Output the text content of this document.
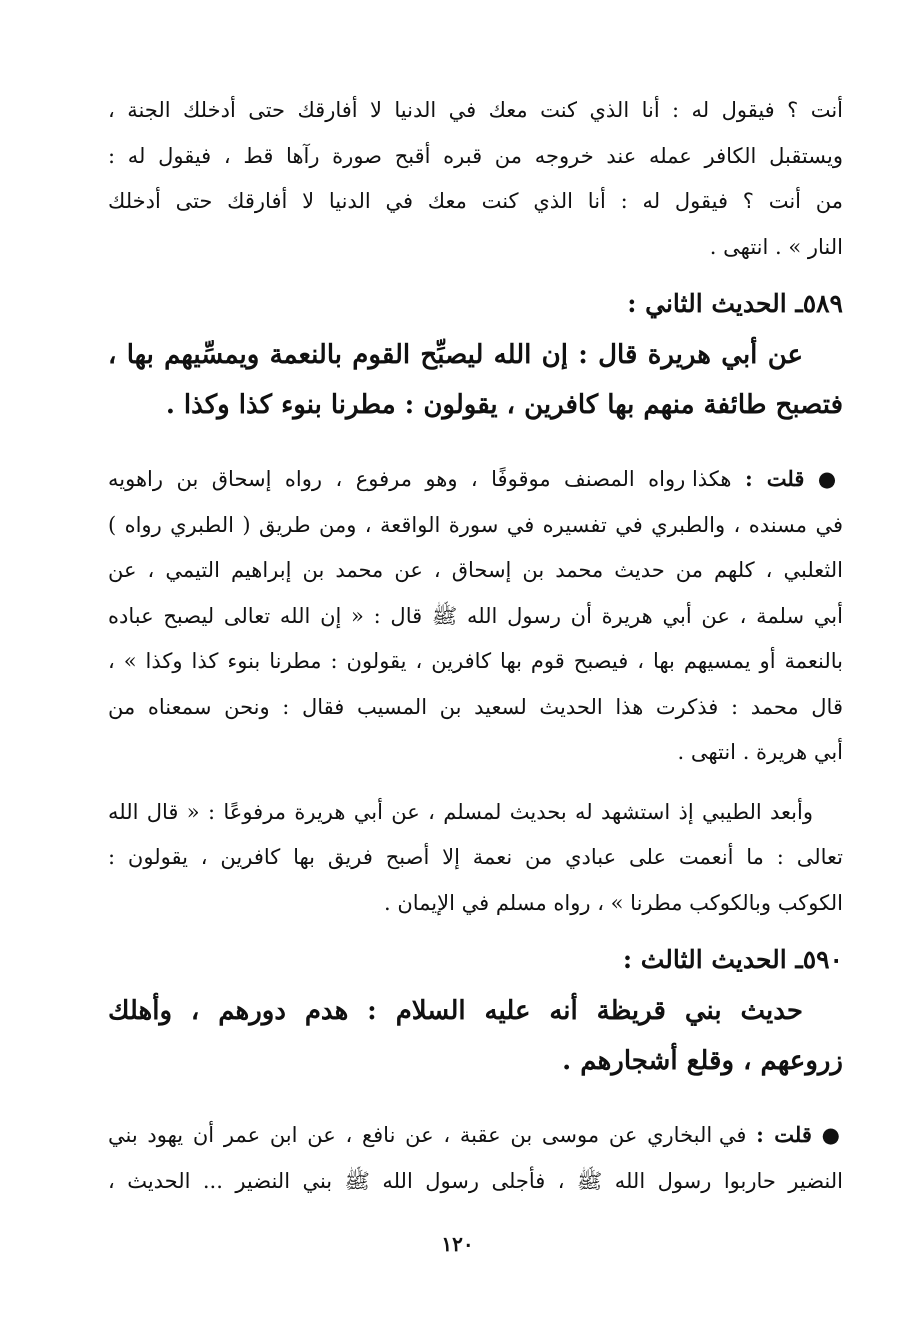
أنت ؟ فيقول له : أنا الذي كنت معك في الدنيا لا أفارقك حتى أدخلك الجنة ،
ويستقبل الكافر عمله عند خروجه من قبره أقبح صورة رآها قط ، فيقول له :
من أنت ؟ فيقول له : أنا الذي كنت معك في الدنيا لا أفارقك حتى أدخلك
النار » . انتهى .

٥٨٩ـ الحديث الثاني :
عن أبي هريرة قال : إن الله ليصبِّح القوم بالنعمة ويمسِّيهم بها ،
فتصبح طائفة منهم بها كافرين ، يقولون : مطرنا بنوء كذا وكذا .

● قلت : هكذا رواه المصنف موقوفًا ، وهو مرفوع ، رواه إسحاق بن راهويه
في مسنده ، والطبري في تفسيره في سورة الواقعة ، ومن طريق ( الطبري رواه )
الثعلبي ، كلهم من حديث محمد بن إسحاق ، عن محمد بن إبراهيم التيمي ، عن
أبي سلمة ، عن أبي هريرة أن رسول الله ﷺ قال : « إن الله تعالى ليصبح عباده
بالنعمة أو يمسيهم بها ، فيصبح قوم بها كافرين ، يقولون : مطرنا بنوء كذا وكذا » ،
قال محمد : فذكرت هذا الحديث لسعيد بن المسيب فقال : ونحن سمعناه من
أبي هريرة . انتهى .

وأبعد الطيبي إذ استشهد له بحديث لمسلم ، عن أبي هريرة مرفوعًا : « قال الله
تعالى : ما أنعمت على عبادي من نعمة إلا أصبح فريق بها كافرين ، يقولون :
الكوكب وبالكوكب مطرنا » ، رواه مسلم في الإيمان .

٥٩٠ـ الحديث الثالث :
حديث بني قريظة أنه عليه السلام : هدم دورهم ، وأهلك
زروعهم ، وقلع أشجارهم .

● قلت : في البخاري عن موسى بن عقبة ، عن نافع ، عن ابن عمر أن يهود بني
النضير حاربوا رسول الله ﷺ ، فأجلى رسول الله ﷺ بني النضير ... الحديث ،

١٢٠
